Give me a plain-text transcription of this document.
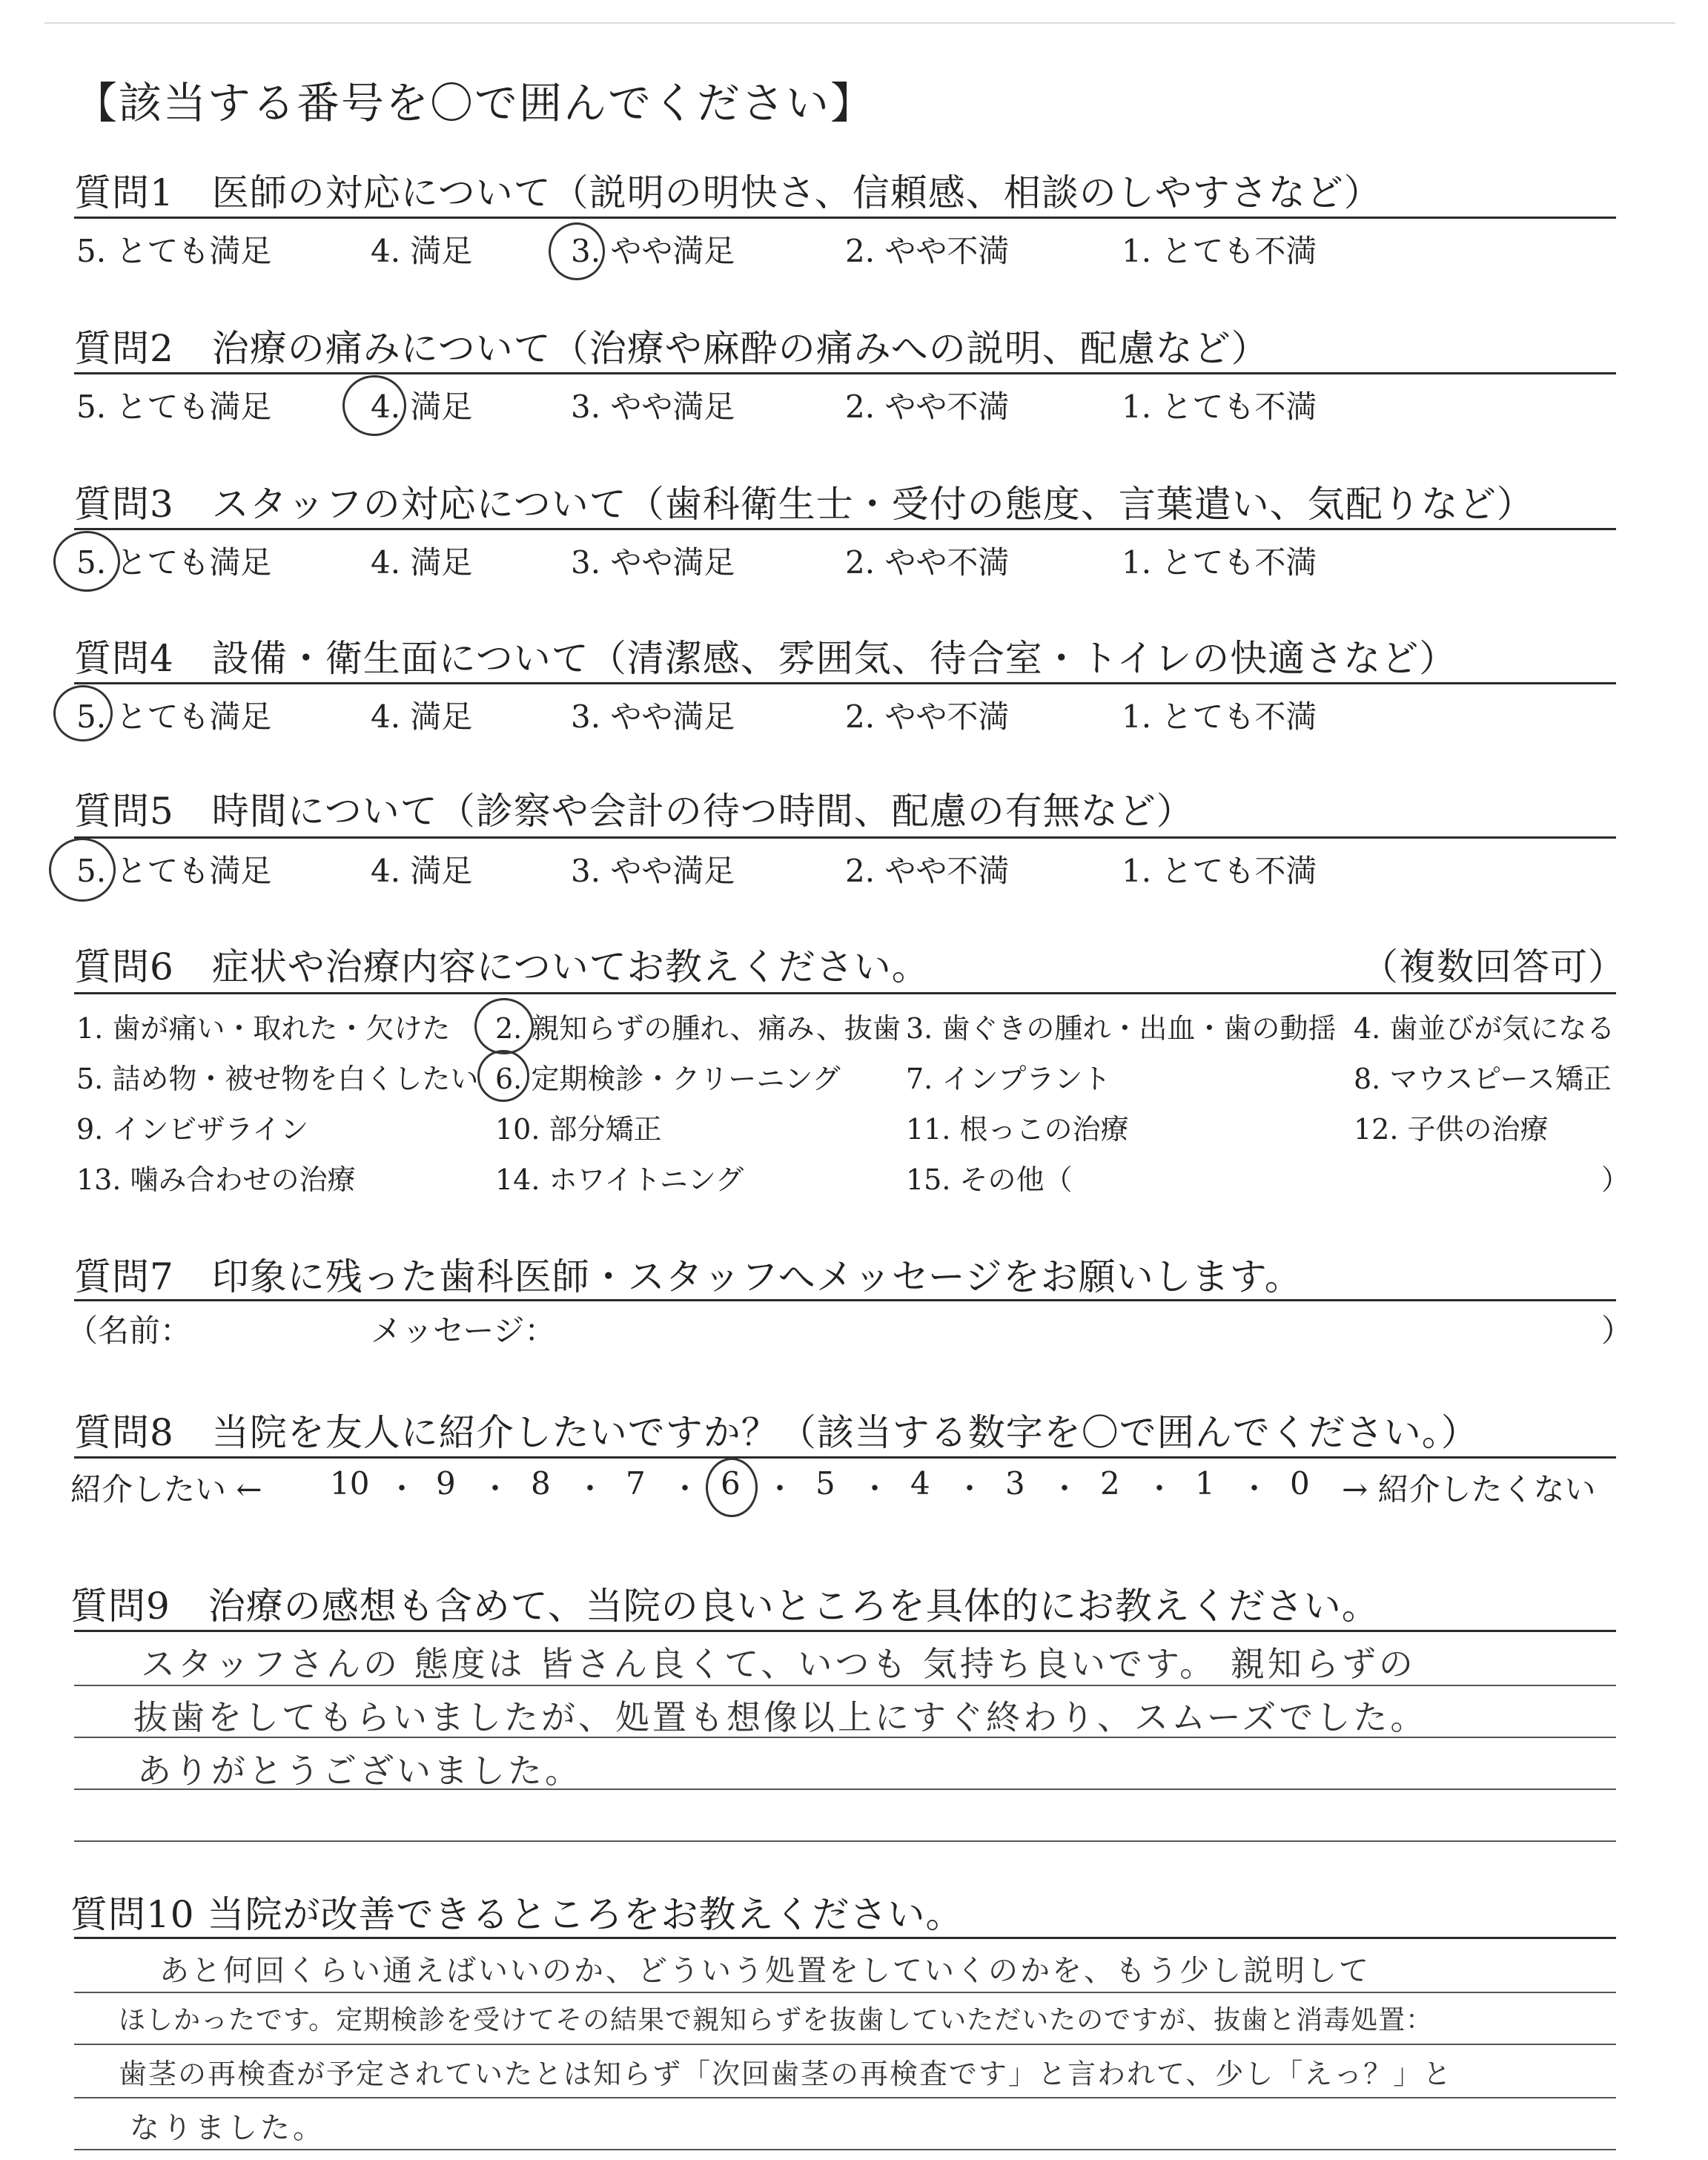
【該当する番号を〇で囲んでください】
質問1　医師の対応について（説明の明快さ、信頼感、相談のしやすさなど）
5. とても満足	4. 満足	3. やや満足	2. やや不満	1. とても不満
質問2　治療の痛みについて（治療や麻酔の痛みへの説明、配慮など）
5. とても満足	4. 満足	3. やや満足	2. やや不満	1. とても不満
質問3　スタッフの対応について（歯科衛生士・受付の態度、言葉遣い、気配りなど）
5. とても満足	4. 満足	3. やや満足	2. やや不満	1. とても不満
質問4　設備・衛生面について（清潔感、雰囲気、待合室・トイレの快適さなど）
5. とても満足	4. 満足	3. やや満足	2. やや不満	1. とても不満
質問5　時間について（診察や会計の待つ時間、配慮の有無など）
5. とても満足	4. 満足	3. やや満足	2. やや不満	1. とても不満
質問6　症状や治療内容についてお教えください。	（複数回答可）
1. 歯が痛い・取れた・欠けた 2. 親知らずの腫れ、痛み、抜歯 3. 歯ぐきの腫れ・出血・歯の動揺 4. 歯並びが気になる
5. 詰め物・被せ物を白くしたい 6. 定期検診・クリーニング 7. インプラント	8. マウスピース矯正
9. インビザライン	10. 部分矯正	11. 根っこの治療	12. 子供の治療
13. 噛み合わせの治療	14. ホワイトニング	15. その他（	）
質問7　印象に残った歯科医師・スタッフへメッセージをお願いします。
（名前：	メッセージ：	）
質問8　当院を友人に紹介したいですか？（該当する数字を〇で囲んでください。）
紹介したい ←	→ 紹介したくない
10 ・ 9 ・ 8 ・ 7 ・ 6 ・ 5 ・ 4 ・ 3 ・ 2 ・ 1 ・ 0
質問9　治療の感想も含めて、当院の良いところを具体的にお教えください。
スタッフさんの 態度は 皆さん良くて、いつも 気持ち良いです。 親知らずの
抜歯をしてもらいましたが、処置も想像以上にすぐ終わり、スムーズでした。
ありがとうございました。
質問10 当院が改善できるところをお教えください。
あと何回くらい通えばいいのか、どういう処置をしていくのかを、もう少し説明して
ほしかったです。定期検診を受けてその結果で親知らずを抜歯していただいたのですが、抜歯と消毒処置：
歯茎の再検査が予定されていたとは知らず「次回歯茎の再検査です」と言われて、少し「えっ？」と
なりました。
